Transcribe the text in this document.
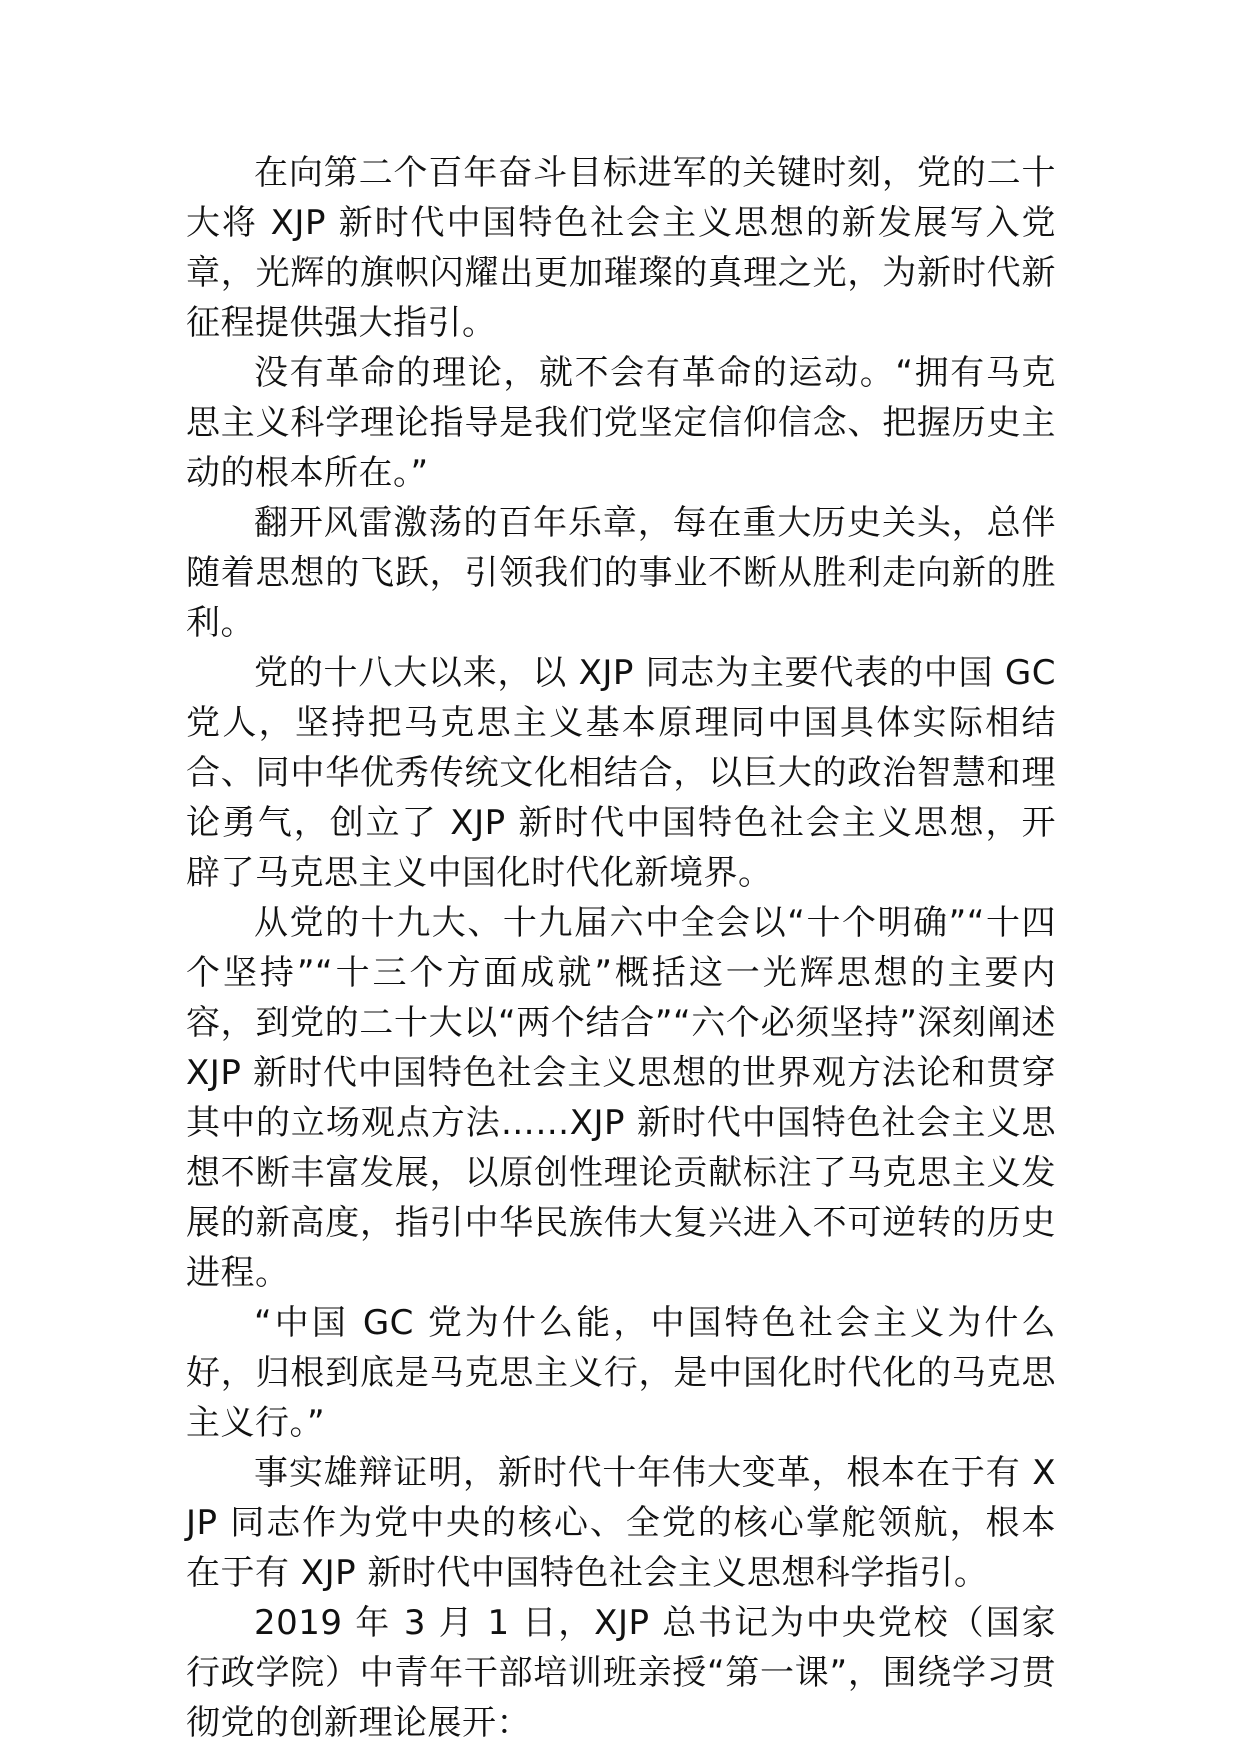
在向第二个百年奋斗目标进军的关键时刻，党的二十大将 XJP 新时代中国特色社会主义思想的新发展写入党章，光辉的旗帜闪耀出更加璀璨的真理之光，为新时代新征程提供强大指引。

没有革命的理论，就不会有革命的运动。“拥有马克思主义科学理论指导是我们党坚定信仰信念、把握历史主动的根本所在。”

翻开风雷激荡的百年乐章，每在重大历史关头，总伴随着思想的飞跃，引领我们的事业不断从胜利走向新的胜利。

党的十八大以来，以 XJP 同志为主要代表的中国 GC 党人，坚持把马克思主义基本原理同中国具体实际相结合、同中华优秀传统文化相结合，以巨大的政治智慧和理论勇气，创立了 XJP 新时代中国特色社会主义思想，开辟了马克思主义中国化时代化新境界。

从党的十九大、十九届六中全会以“十个明确”“十四个坚持”“十三个方面成就”概括这一光辉思想的主要内容，到党的二十大以“两个结合”“六个必须坚持”深刻阐述 XJP 新时代中国特色社会主义思想的世界观方法论和贯穿其中的立场观点方法……XJP 新时代中国特色社会主义思想不断丰富发展，以原创性理论贡献标注了马克思主义发展的新高度，指引中华民族伟大复兴进入不可逆转的历史进程。

“中国 GC 党为什么能，中国特色社会主义为什么好，归根到底是马克思主义行，是中国化时代化的马克思主义行。”

事实雄辩证明，新时代十年伟大变革，根本在于有 XJP 同志作为党中央的核心、全党的核心掌舵领航，根本在于有 XJP 新时代中国特色社会主义思想科学指引。

2019 年 3 月 1 日，XJP 总书记为中央党校（国家行政学院）中青年干部培训班亲授“第一课”，围绕学习贯彻党的创新理论展开：
